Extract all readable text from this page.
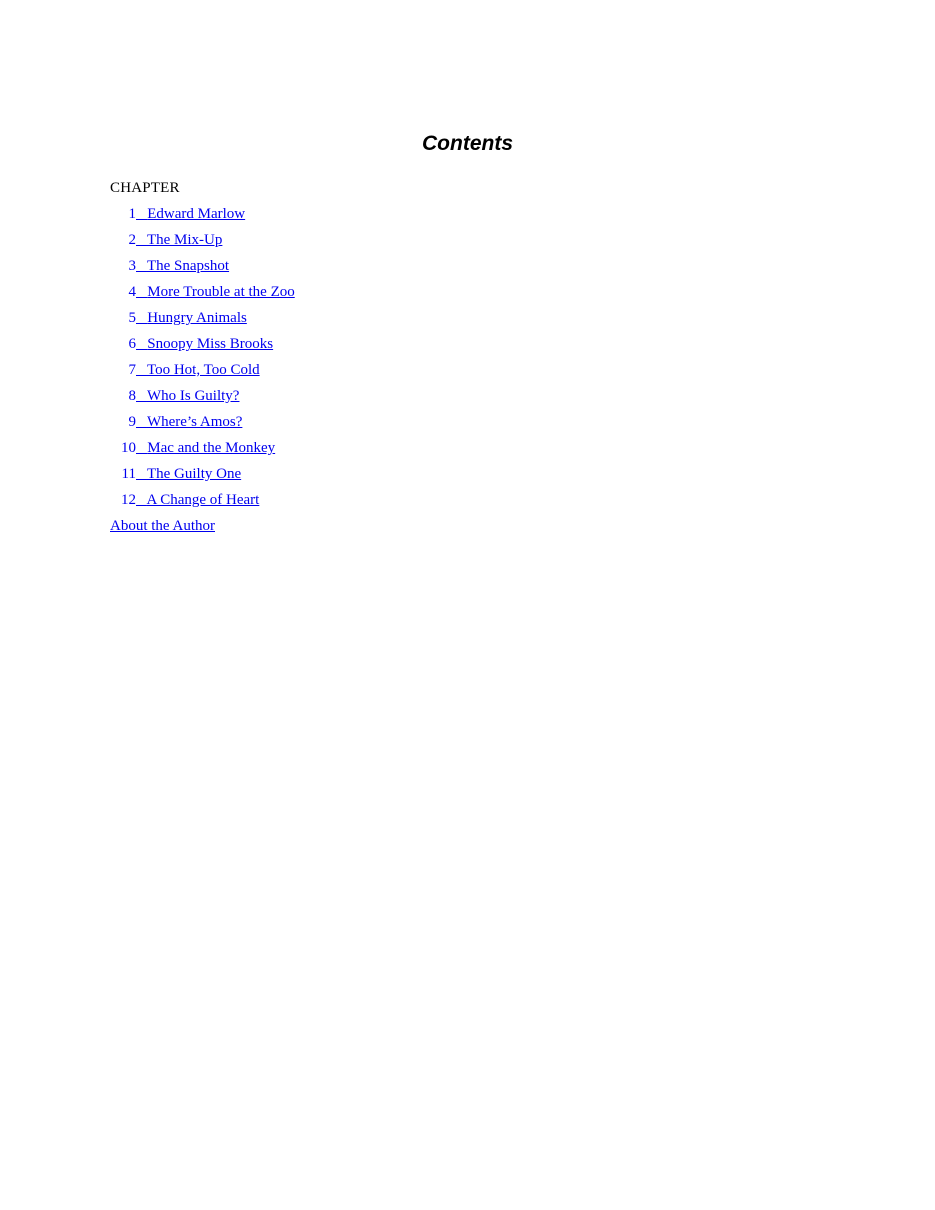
Contents
CHAPTER
1 Edward Marlow
2 The Mix-Up
3 The Snapshot
4 More Trouble at the Zoo
5 Hungry Animals
6 Snoopy Miss Brooks
7 Too Hot, Too Cold
8 Who Is Guilty?
9 Where’s Amos?
10 Mac and the Monkey
11 The Guilty One
12 A Change of Heart
About the Author
